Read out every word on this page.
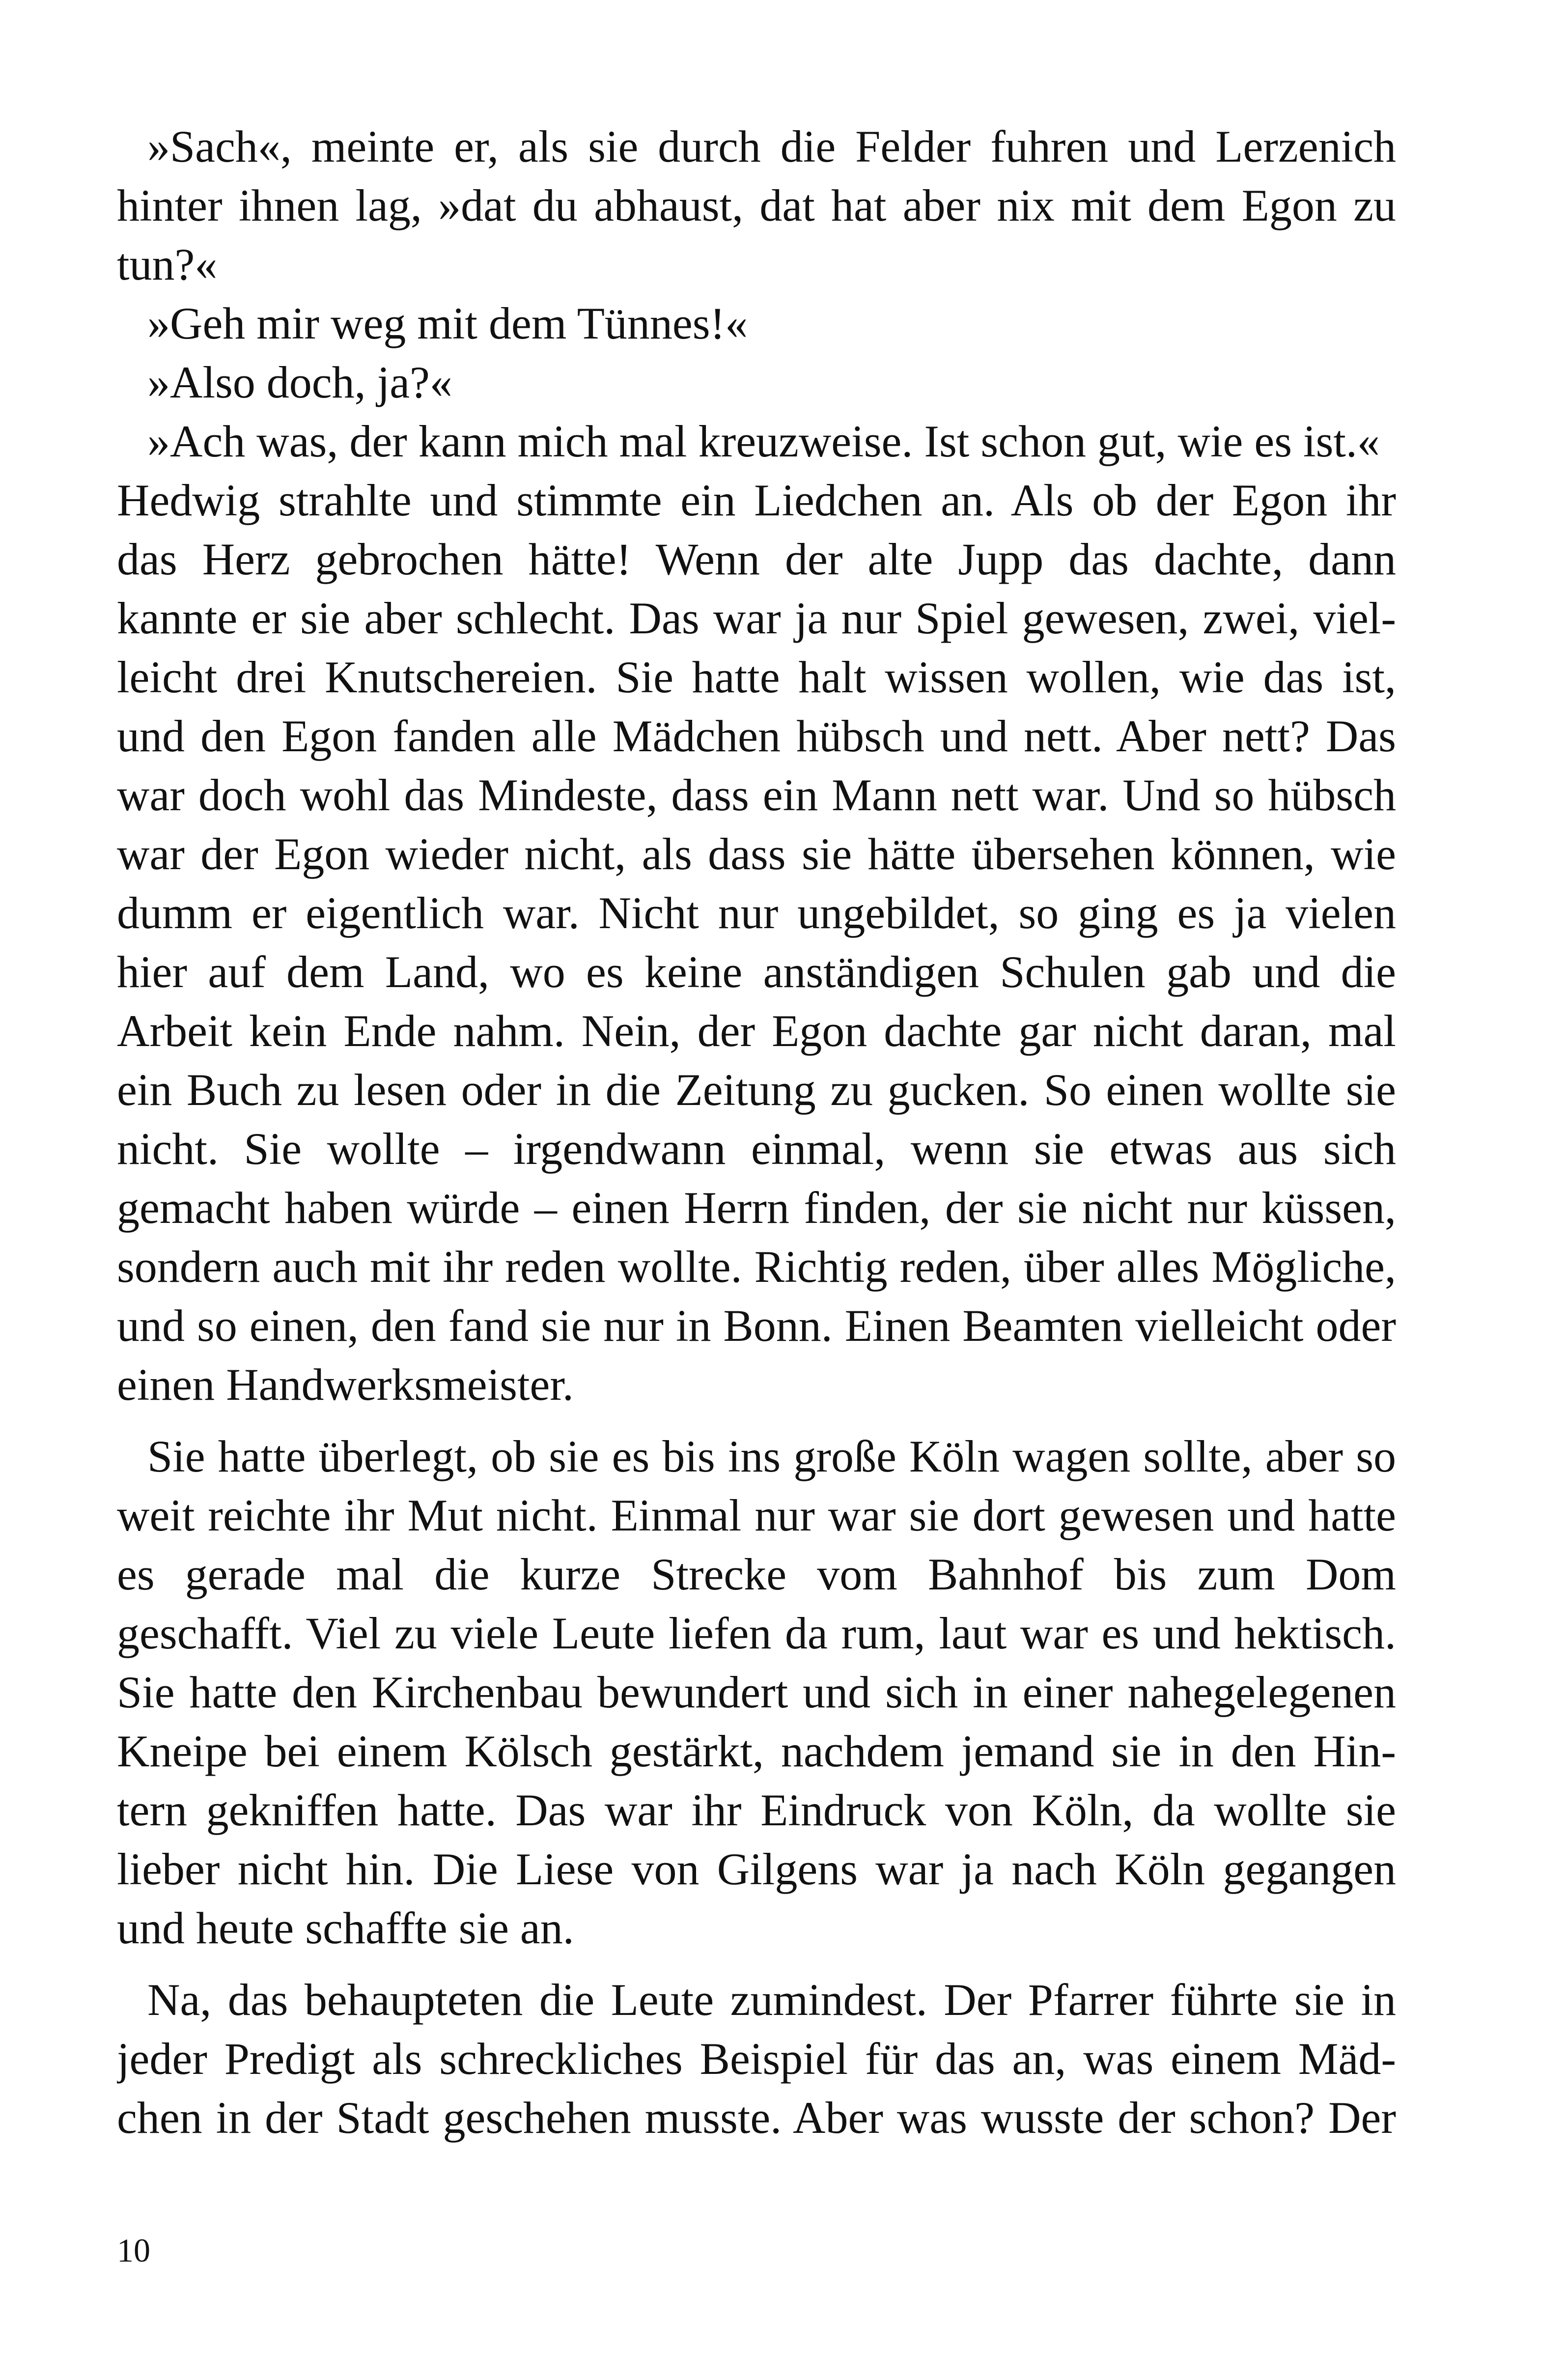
»Sach«, meinte er, als sie durch die Felder fuhren und Lerzenich
hinter ihnen lag, »dat du abhaust, dat hat aber nix mit dem Egon zu
tun?«
»Geh mir weg mit dem Tünnes!«
»Also doch, ja?«
»Ach was, der kann mich mal kreuzweise. Ist schon gut, wie es ist.«
Hedwig strahlte und stimmte ein Liedchen an. Als ob der Egon ihr
das Herz gebrochen hätte! Wenn der alte Jupp das dachte, dann
kannte er sie aber schlecht. Das war ja nur Spiel gewesen, zwei, viel-
leicht drei Knutschereien. Sie hatte halt wissen wollen, wie das ist,
und den Egon fanden alle Mädchen hübsch und nett. Aber nett? Das
war doch wohl das Mindeste, dass ein Mann nett war. Und so hübsch
war der Egon wieder nicht, als dass sie hätte übersehen können, wie
dumm er eigentlich war. Nicht nur ungebildet, so ging es ja vielen
hier auf dem Land, wo es keine anständigen Schulen gab und die
Arbeit kein Ende nahm. Nein, der Egon dachte gar nicht daran, mal
ein Buch zu lesen oder in die Zeitung zu gucken. So einen wollte sie
nicht. Sie wollte – irgendwann einmal, wenn sie etwas aus sich
gemacht haben würde – einen Herrn finden, der sie nicht nur küssen,
sondern auch mit ihr reden wollte. Richtig reden, über alles Mögliche,
und so einen, den fand sie nur in Bonn. Einen Beamten vielleicht oder
einen Handwerksmeister.
Sie hatte überlegt, ob sie es bis ins große Köln wagen sollte, aber so
weit reichte ihr Mut nicht. Einmal nur war sie dort gewesen und hatte
es gerade mal die kurze Strecke vom Bahnhof bis zum Dom
geschafft. Viel zu viele Leute liefen da rum, laut war es und hektisch.
Sie hatte den Kirchenbau bewundert und sich in einer nahegelegenen
Kneipe bei einem Kölsch gestärkt, nachdem jemand sie in den Hin-
tern gekniffen hatte. Das war ihr Eindruck von Köln, da wollte sie
lieber nicht hin. Die Liese von Gilgens war ja nach Köln gegangen
und heute schaffte sie an.
Na, das behaupteten die Leute zumindest. Der Pfarrer führte sie in
jeder Predigt als schreckliches Beispiel für das an, was einem Mäd-
chen in der Stadt geschehen musste. Aber was wusste der schon? Der
10
